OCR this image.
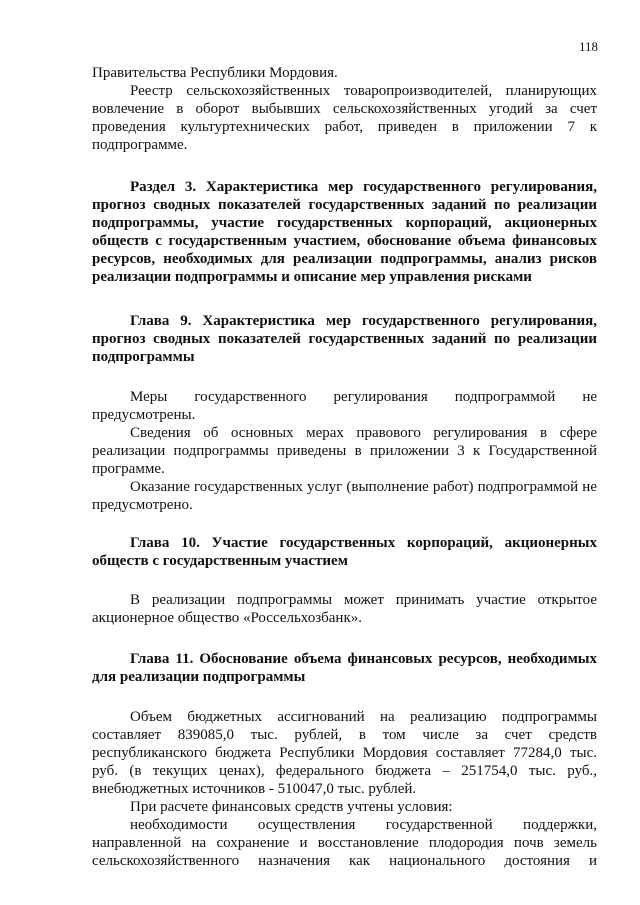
118

Правительства Республики Мордовия.

Реестр сельскохозяйственных товаропроизводителей, планирующих вовлечение в оборот выбывших сельскохозяйственных угодий за счет проведения культуртехнических работ, приведен в приложении 7 к подпрограмме.

Раздел 3. Характеристика мер государственного регулирования, прогноз сводных показателей государственных заданий по реализации подпрограммы, участие государственных корпораций, акционерных обществ с государственным участием, обоснование объема финансовых ресурсов, необходимых для реализации подпрограммы, анализ рисков реализации подпрограммы и описание мер управления рисками

Глава 9. Характеристика мер государственного регулирования, прогноз сводных показателей государственных заданий по реализации подпрограммы

Меры государственного регулирования подпрограммой не предусмотрены.

Сведения об основных мерах правового регулирования в сфере реализации подпрограммы приведены в приложении 3 к Государственной программе.

Оказание государственных услуг (выполнение работ) подпрограммой не предусмотрено.

Глава 10. Участие государственных корпораций, акционерных обществ с государственным участием

В реализации подпрограммы может принимать участие открытое акционерное общество «Россельхозбанк».

Глава 11. Обоснование объема финансовых ресурсов, необходимых для реализации подпрограммы

Объем бюджетных ассигнований на реализацию подпрограммы составляет 839085,0 тыс. рублей, в том числе за счет средств республиканского бюджета Республики Мордовия составляет 77284,0 тыс. руб. (в текущих ценах), федерального бюджета – 251754,0 тыс. руб., внебюджетных источников - 510047,0 тыс. рублей.

При расчете финансовых средств учтены условия:

необходимости осуществления государственной поддержки, направленной на сохранение и восстановление плодородия почв земель сельскохозяйственного назначения как национального достояния и
